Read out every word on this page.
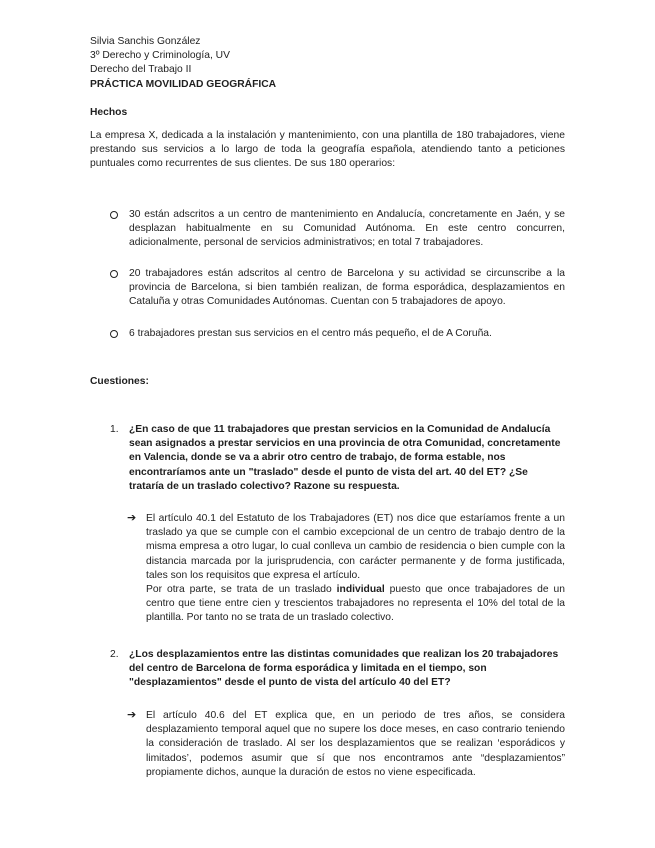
Silvia Sanchis González
3º Derecho y Criminología, UV
Derecho del Trabajo II
PRÁCTICA MOVILIDAD GEOGRÁFICA
Hechos
La empresa X, dedicada a la instalación y mantenimiento, con una plantilla de 180 trabajadores, viene prestando sus servicios a lo largo de toda la geografía española, atendiendo tanto a peticiones puntuales como recurrentes de sus clientes. De sus 180 operarios:
30 están adscritos a un centro de mantenimiento en Andalucía, concretamente en Jaén, y se desplazan habitualmente en su Comunidad Autónoma. En este centro concurren, adicionalmente, personal de servicios administrativos; en total 7 trabajadores.
20 trabajadores están adscritos al centro de Barcelona y su actividad se circunscribe a la provincia de Barcelona, si bien también realizan, de forma esporádica, desplazamientos en Cataluña y otras Comunidades Autónomas. Cuentan con 5 trabajadores de apoyo.
6 trabajadores prestan sus servicios en el centro más pequeño, el de A Coruña.
Cuestiones:
1. ¿En caso de que 11 trabajadores que prestan servicios en la Comunidad de Andalucía sean asignados a prestar servicios en una provincia de otra Comunidad, concretamente en Valencia, donde se va a abrir otro centro de trabajo, de forma estable, nos encontraríamos ante un "traslado" desde el punto de vista del art. 40 del ET? ¿Se trataría de un traslado colectivo? Razone su respuesta.
➔ El artículo 40.1 del Estatuto de los Trabajadores (ET) nos dice que estaríamos frente a un traslado ya que se cumple con el cambio excepcional de un centro de trabajo dentro de la misma empresa a otro lugar, lo cual conlleva un cambio de residencia o bien cumple con la distancia marcada por la jurisprudencia, con carácter permanente y de forma justificada, tales son los requisitos que expresa el artículo.
Por otra parte, se trata de un traslado individual puesto que once trabajadores de un centro que tiene entre cien y trescientos trabajadores no representa el 10% del total de la plantilla. Por tanto no se trata de un traslado colectivo.
2. ¿Los desplazamientos entre las distintas comunidades que realizan los 20 trabajadores del centro de Barcelona de forma esporádica y limitada en el tiempo, son "desplazamientos" desde el punto de vista del artículo 40 del ET?
➔ El artículo 40.6 del ET explica que, en un periodo de tres años, se considera desplazamiento temporal aquel que no supere los doce meses, en caso contrario teniendo la consideración de traslado. Al ser los desplazamientos que se realizan ‘esporádicos y limitados’, podemos asumir que sí que nos encontramos ante “desplazamientos” propiamente dichos, aunque la duración de estos no viene especificada.
